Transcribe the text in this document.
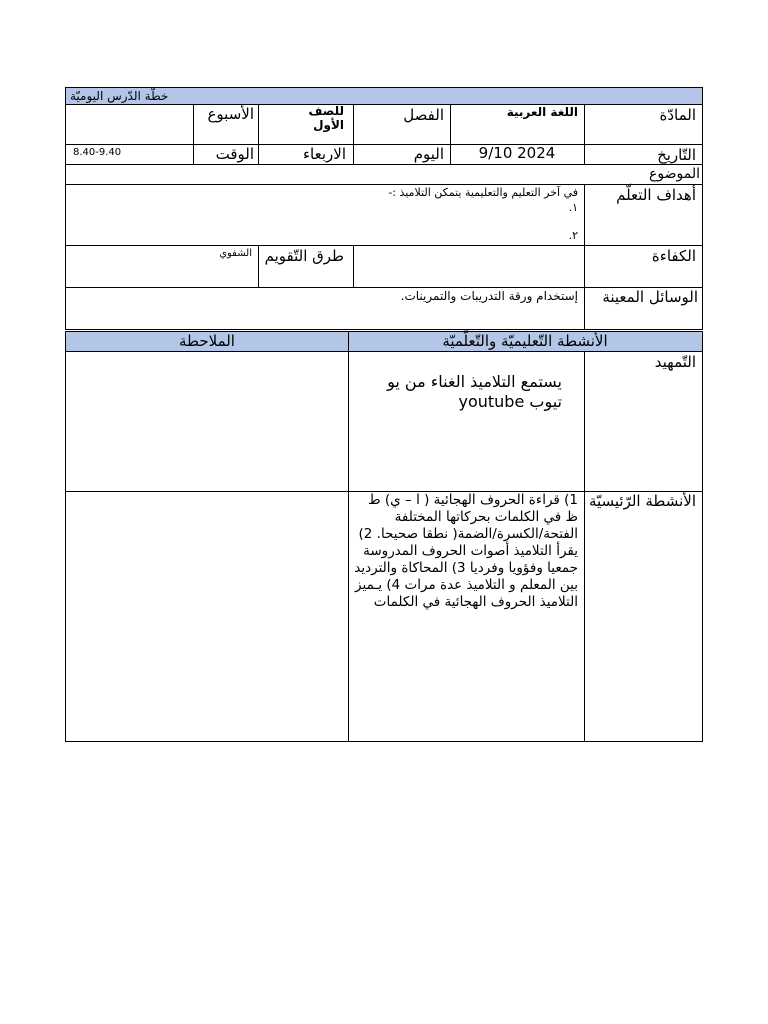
خطّة الدّرس اليوميّة
المادّة
اللغة العربية
الفصل
للصف الأول
الأسبوع
التّاريخ
9/10 2024
اليوم
الاربعاء
الوقت
8.40-9.40
الموضوع
أهداف التعلّم
في آخر التعليم والتعليمية يتمكن التلاميذ :-
١.
٢.
الكفاءة
طرق التّقويم
الشفوي
الوسائل المعينة
إستخدام ورقة التدريبات والتمرينات.
الأنشطة التّعليميّة والتّعلّميّة
الملاحطة
التّمهيد
يستمع التلاميذ الغناء من يو تيوب youtube
الأنشطة الرّئيسيّة
1) قراءة الحروف الهجائية ( ا – ي) ط ظ في الكلمات بحركاتها المختلفة الفتحة/الكسرة/الضمة( نطقا صحيحا. 2) يقرأ التلاميذ أصوات الحروف المدروسة جمعيا وفؤويا وفرديا 3) المحاكاة والترديد بين المعلم و التلاميذ عدة مرات 4) يـميز التلاميذ الحروف الهجائية في الكلمات
